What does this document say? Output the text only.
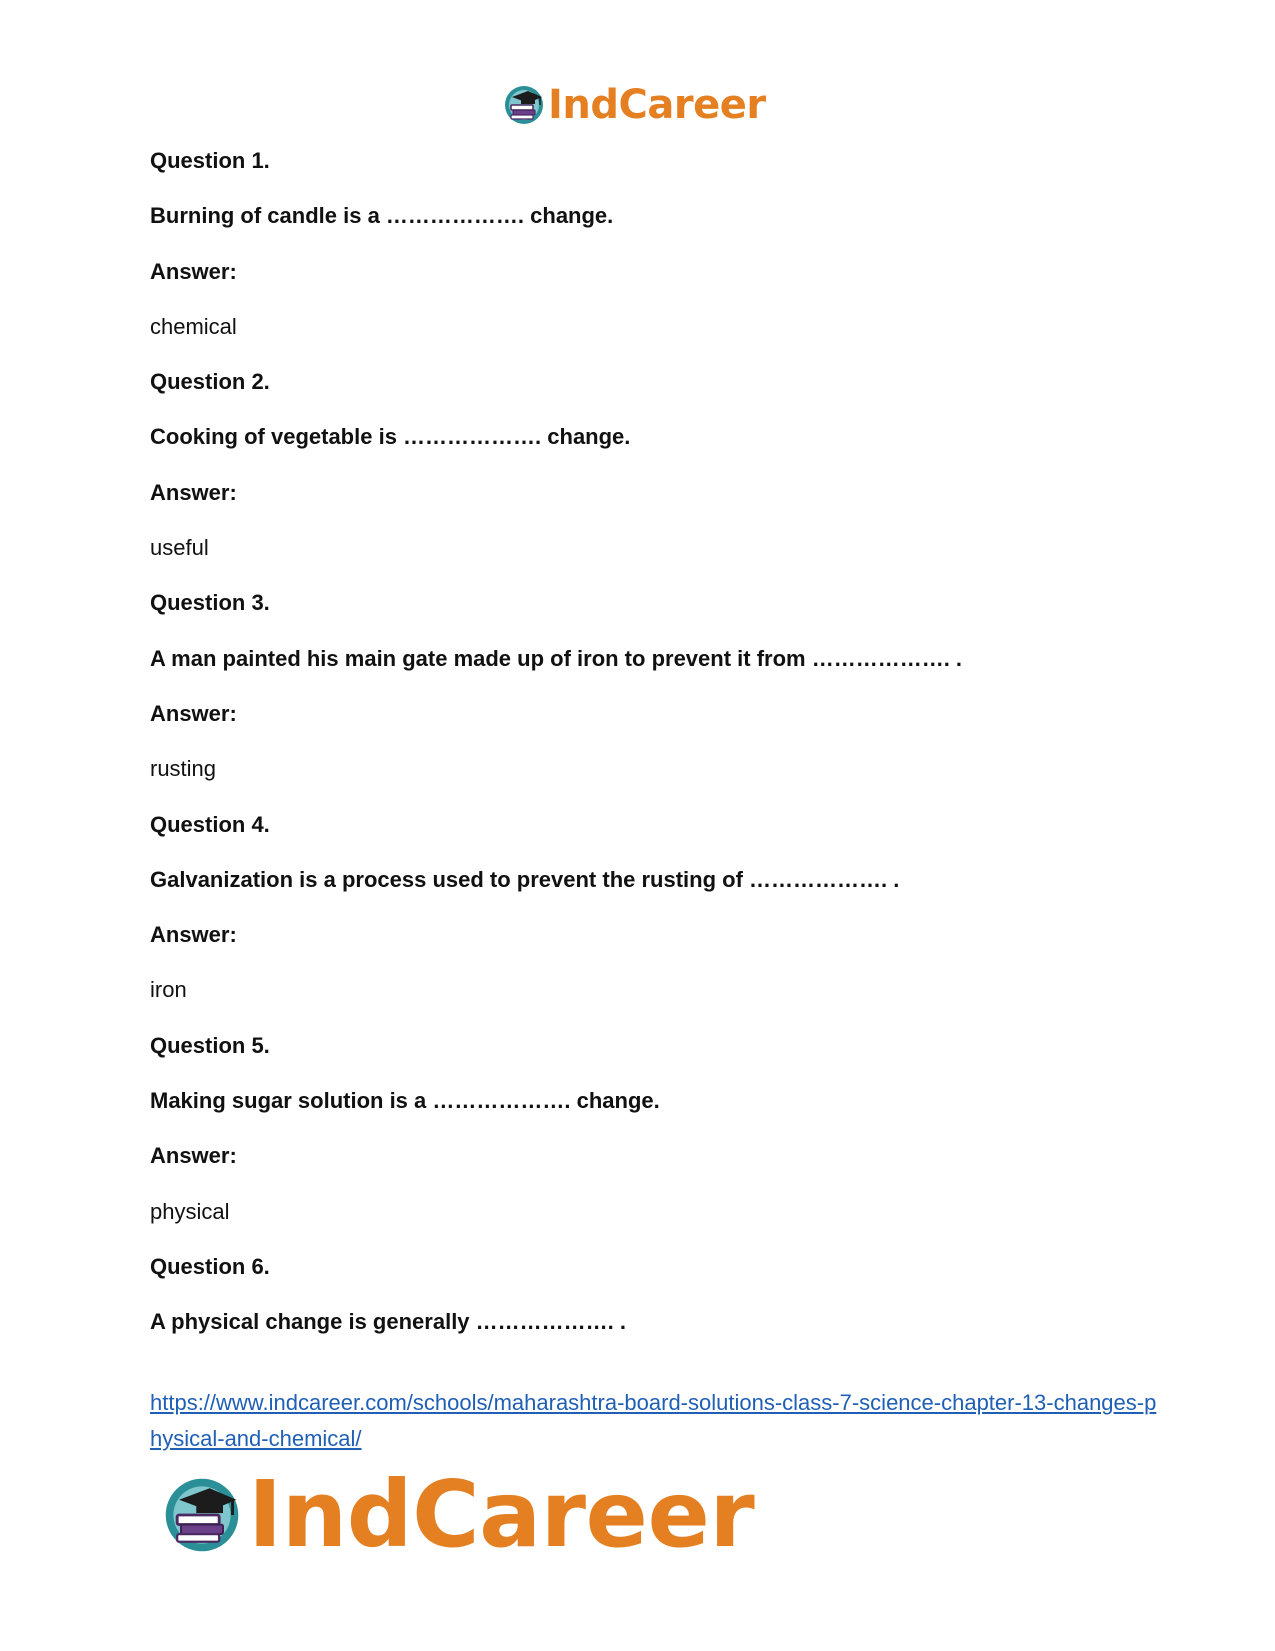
IndCareer
Question 1.
Burning of candle is a ………………. change.
Answer:
chemical
Question 2.
Cooking of vegetable is ………………. change.
Answer:
useful
Question 3.
A man painted his main gate made up of iron to prevent it from ………………. .
Answer:
rusting
Question 4.
Galvanization is a process used to prevent the rusting of ………………. .
Answer:
iron
Question 5.
Making sugar solution is a ………………. change.
Answer:
physical
Question 6.
A physical change is generally ………………. .
https://www.indcareer.com/schools/maharashtra-board-solutions-class-7-science-chapter-13-changes-physical-and-chemical/
IndCareer
